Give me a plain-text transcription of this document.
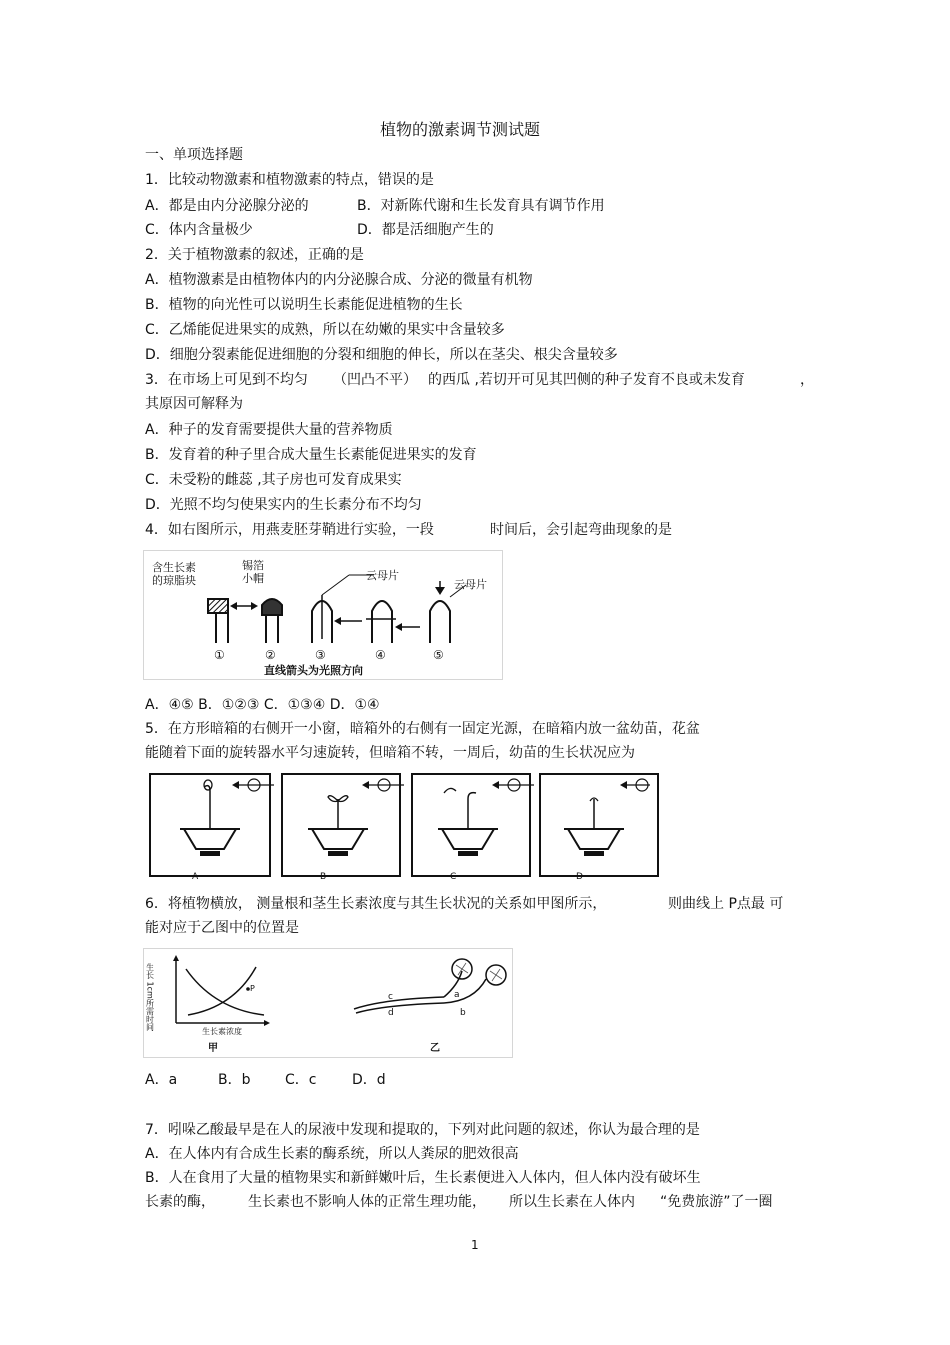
植物的激素调节测试题
一、单项选择题
1．比较动物激素和植物激素的特点，错误的是
A．都是由内分泌腺分泌的	B．对新陈代谢和生长发育具有调节作用
C．体内含量极少	D．都是活细胞产生的
2．关于植物激素的叙述，正确的是
A．植物激素是由植物体内的内分泌腺合成、分泌的微量有机物
B．植物的向光性可以说明生长素能促进植物的生长
C．乙烯能促进果实的成熟，所以在幼嫩的果实中含量较多
D．细胞分裂素能促进细胞的分裂和细胞的伸长，所以在茎尖、根尖含量较多
3．在市场上可见到不均匀 （凹凸不平） 的西瓜 ,若切开可见其凹侧的种子发育不良或未发育	，
其原因可解释为
A．种子的发育需要提供大量的营养物质
B．发育着的种子里合成大量生长素能促进果实的发育
C．未受粉的雌蕊 ,其子房也可发育成果实
D．光照不均匀使果实内的生长素分布不均匀
4．如右图所示，用燕麦胚芽鞘进行实验，一段	时间后，会引起弯曲现象的是
含生长素
的琼脂块
锡箔
小帽	云母片
云母片
①	②	③	④	⑤
直线箭头为光照方向
A．④⑤ B．①②③ C．①③④ D．①④
5．在方形暗箱的右侧开一小窗，暗箱外的右侧有一固定光源，在暗箱内放一盆幼苗，花盆
能随着下面的旋转器水平匀速旋转，但暗箱不转，一周后，幼苗的生长状况应为
A	B	C	D
6．将植物横放， 测量根和茎生长素浓度与其生长状况的关系如甲图所示，	则曲线上 P点最 可
能对应于乙图中的位置是
生长 1cm所需时间
生长素浓度
P
甲
c
d
a
b
乙
A．a	B．b C．c	D．d
7．吲哚乙酸最早是在人的尿液中发现和提取的，下列对此问题的叙述，你认为最合理的是
A．在人体内有合成生长素的酶系统，所以人粪尿的肥效很高
B．人在食用了大量的植物果实和新鲜嫩叶后，生长素便进入人体内，但人体内没有破坏生
长素的酶， 生长素也不影响人体的正常生理功能， 所以生长素在人体内 “免费旅游”了一圈
1
